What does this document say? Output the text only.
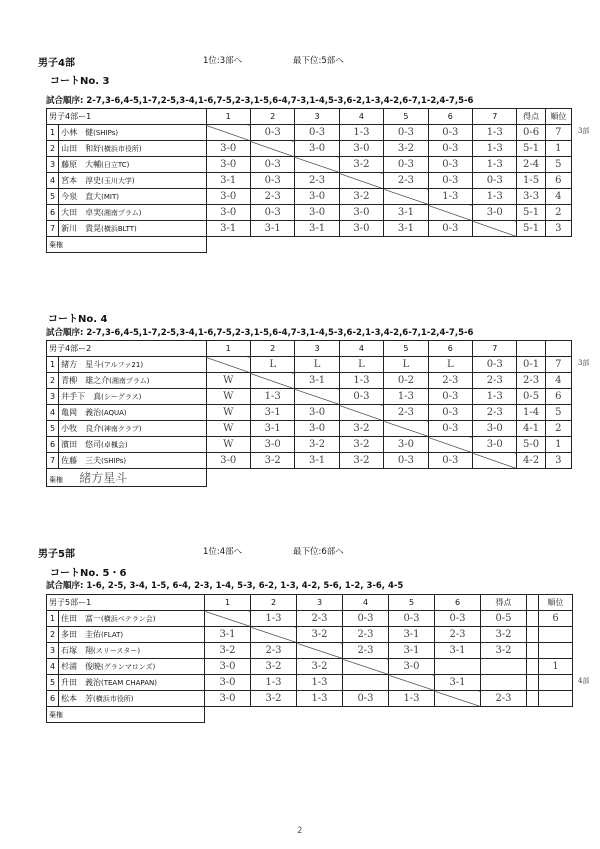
男子4部	1位:3部へ	最下位:5部へ
コートNo. 3
試合順序: 2-7,3-6,4-5,1-7,2-5,3-4,1-6,7-5,2-3,1-5,6-4,7-3,1-4,5-3,6-2,1-3,4-2,6-7,1-2,4-7,5-6
男子4部ー1		1	2	3	4	5	6	7	得点	順位
1	小林　健(SHIPs)		0-3	0-3	1-3	0-3	0-3	1-3	0-6	7
2	山田　和好(横浜市役所)	3-0		3-0	3-0	3-2	0-3	1-3	5-1	1
3	藤原　大輔(日立TC)	3-0	0-3		3-2	0-3	0-3	1-3	2-4	5
4	宮本　淳史(玉川大学)	3-1	0-3	2-3		2-3	0-3	0-3	1-5	6
5	今泉　直大(MIT)	3-0	2-3	3-0	3-2		1-3	1-3	3-3	4
6	大田　卓実(湘南プラム)	3-0	0-3	3-0	3-0	3-1		3-0	5-1	2
7	新川　貴晃(横浜BLTT)	3-1	3-1	3-1	3-0	3-1	0-3		5-1	3
棄権										
3部
コートNo. 4
試合順序: 2-7,3-6,4-5,1-7,2-5,3-4,1-6,7-5,2-3,1-5,6-4,7-3,1-4,5-3,6-2,1-3,4-2,6-7,1-2,4-7,5-6
男子4部ー2		1	2	3	4	5	6	7		
1	緒方　星斗(アルファ21)		L	L	L	L	L	0-3	0-1	7
2	青柳　雄之介(湘南プラム)	W		3-1	1-3	0-2	2-3	2-3	2-3	4
3	井手下　真(シーグラス)	W	1-3		0-3	1-3	0-3	1-3	0-5	6
4	亀岡　義治(AQUA)	W	3-1	3-0		2-3	0-3	2-3	1-4	5
5	小牧　良介(神南クラブ)	W	3-1	3-0	3-2		0-3	3-0	4-1	2
6	濱田　悠司(卓楓会)	W	3-0	3-2	3-2	3-0		3-0	5-0	1
7	佐藤　三夫(SHIPs)	3-0	3-2	3-1	3-2	0-3	0-3		4-2	3
棄権 緒方星斗										
3部
男子5部	1位:4部へ	最下位:6部へ
コートNo. 5・6
試合順序: 1-6, 2-5, 3-4, 1-5, 6-4, 2-3, 1-4, 5-3, 6-2, 1-3, 4-2, 5-6, 1-2, 3-6, 4-5
男子5部ー1		1	2	3	4	5	6	得点		順位
1	住田　富一(横浜ベテラン会)		1-3	2-3	0-3	0-3	0-3	0-5		6
2	多田　圭佑(FLAT)	3-1		3-2	2-3	3-1	2-3	3-2		
3	石塚　翔(スリースター)	3-2	2-3		2-3	3-1	3-1	3-2		
4	杉浦　俊暁(グランマロンズ)	3-0	3-2	3-2		3-0				1
5	升田　義治(TEAM CHAPAN)	3-0	1-3	1-3			3-1			
6	松本　芳(横浜市役所)	3-0	3-2	1-3	0-3	1-3		2-3		
棄権										
4部
2
